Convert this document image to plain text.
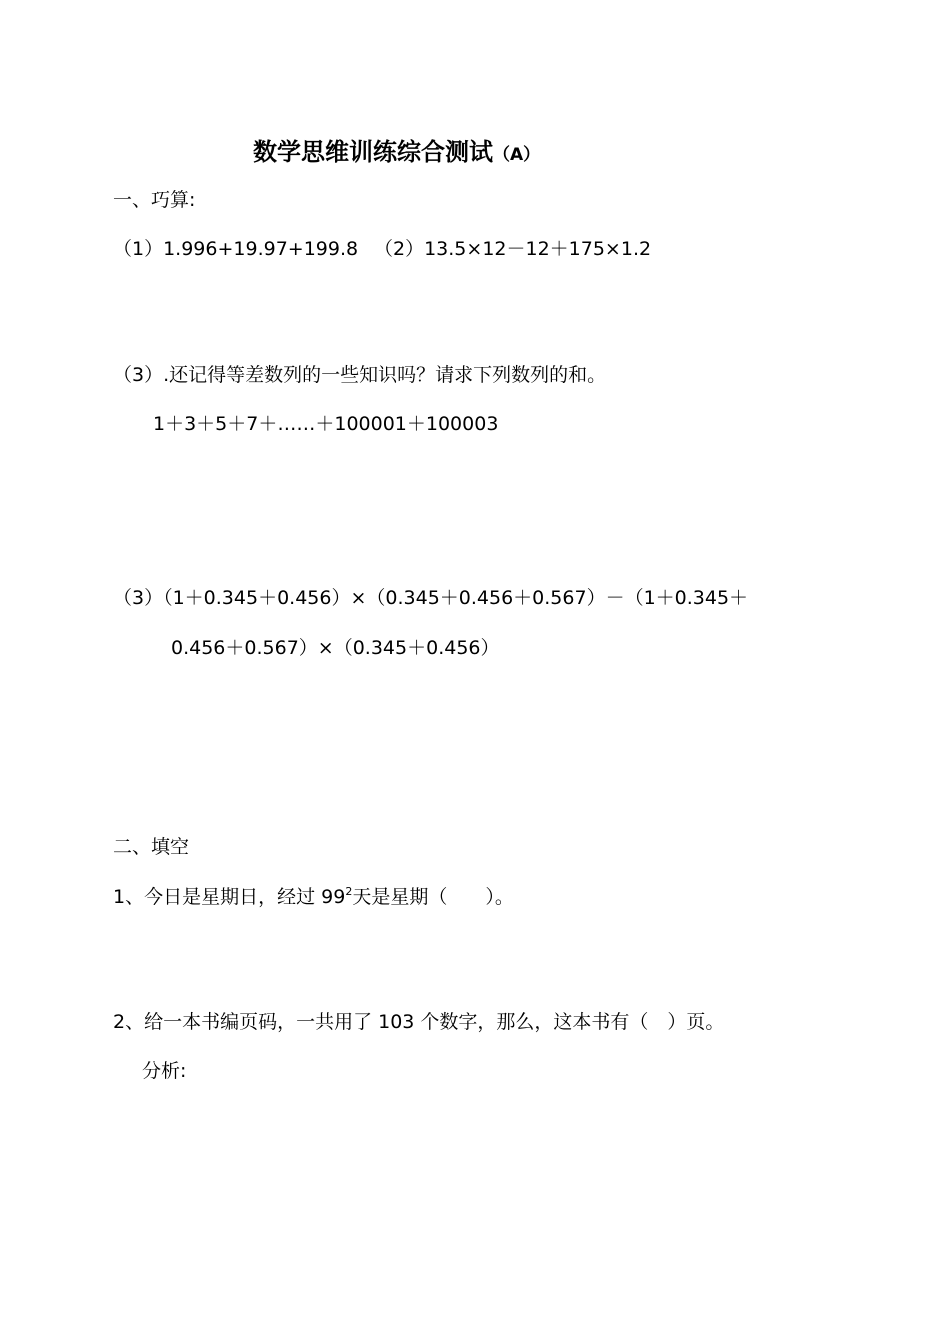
数学思维训练综合测试（A）
一、巧算:
（1）1.996+19.97+199.8 （2）13.5×12－12＋175×1.2
（3）.还记得等差数列的一些知识吗？请求下列数列的和。
1＋3＋5＋7＋……＋100001＋100003
（3）（1＋0.345＋0.456）×（0.345＋0.456＋0.567）－（1＋0.345＋
0.456＋0.567）×（0.345＋0.456）
二、填空
1、今日是星期日，经过 $99^2$天是星期（　　）。
2、给一本书编页码，一共用了 103 个数字，那么，这本书有（　）页。
分析:
